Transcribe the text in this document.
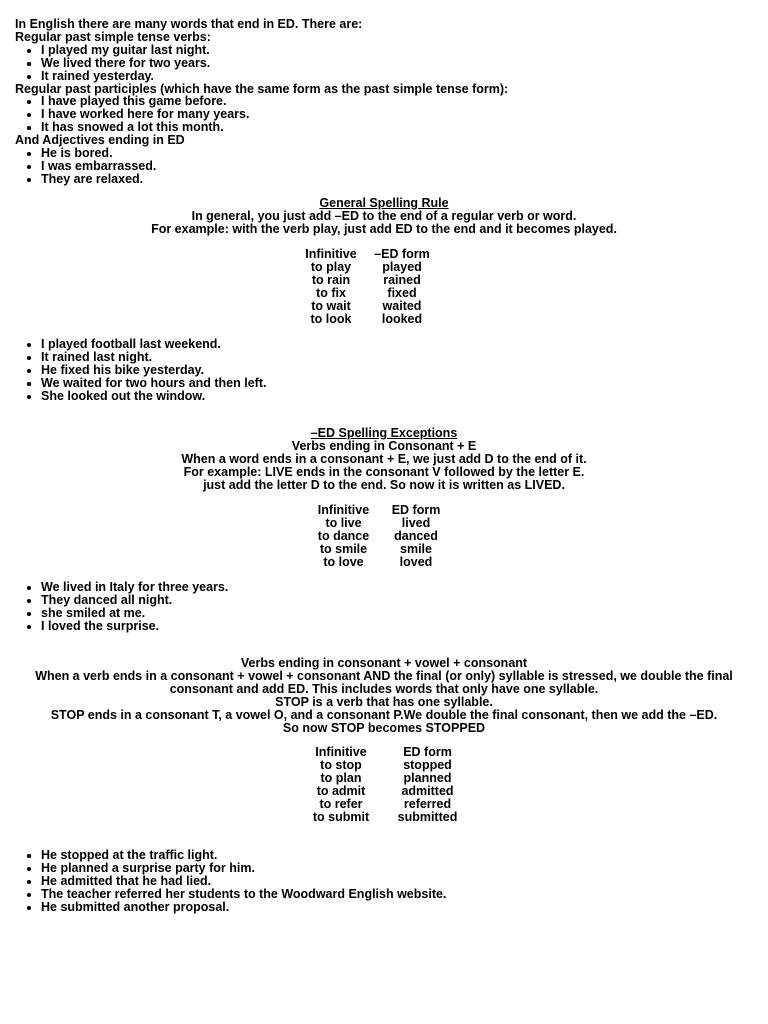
In English there are many words that end in ED. There are:

Regular past simple tense verbs:

• I played my guitar last night.
• We lived there for two years.
• It rained yesterday.

Regular past participles (which have the same form as the past simple tense form):

• I have played this game before.
• I have worked here for many years.
• It has snowed a lot this month.

And Adjectives ending in ED

• He is bored.
• I was embarrassed.
• They are relaxed.

General Spelling Rule

In general, you just add –ED to the end of a regular verb or word.

For example: with the verb play, just add ED to the end and it becomes played.

Infinitive	–ED form
to play	played
to rain	rained
to fix	fixed
to wait	waited
to look	looked
• I played football last weekend.
• It rained last night.
• He fixed his bike yesterday.
• We waited for two hours and then left.
• She looked out the window.

–ED Spelling Exceptions

Verbs ending in Consonant + E

When a word ends in a consonant + E, we just add D to the end of it.

For example: LIVE ends in the consonant V followed by the letter E.

just add the letter D to the end. So now it is written as LIVED.

Infinitive	ED form
to live	lived
to dance	danced
to smile	smile
to love	loved
• We lived in Italy for three years.
• They danced all night.
• she smiled at me.
• I loved the surprise.

Verbs ending in consonant + vowel + consonant

When a verb ends in a consonant + vowel + consonant AND the final (or only) syllable is stressed, we double the final

consonant and add ED. This includes words that only have one syllable.

STOP is a verb that has one syllable.

STOP ends in a consonant T, a vowel O, and a consonant P.We double the final consonant, then we add the –ED.

So now STOP becomes STOPPED

Infinitive	ED form
to stop	stopped
to plan	planned
to admit	admitted
to refer	referred
to submit	submitted
• He stopped at the traffic light.
• He planned a surprise party for him.
• He admitted that he had lied.
• The teacher referred her students to the Woodward English website.
• He submitted another proposal.
